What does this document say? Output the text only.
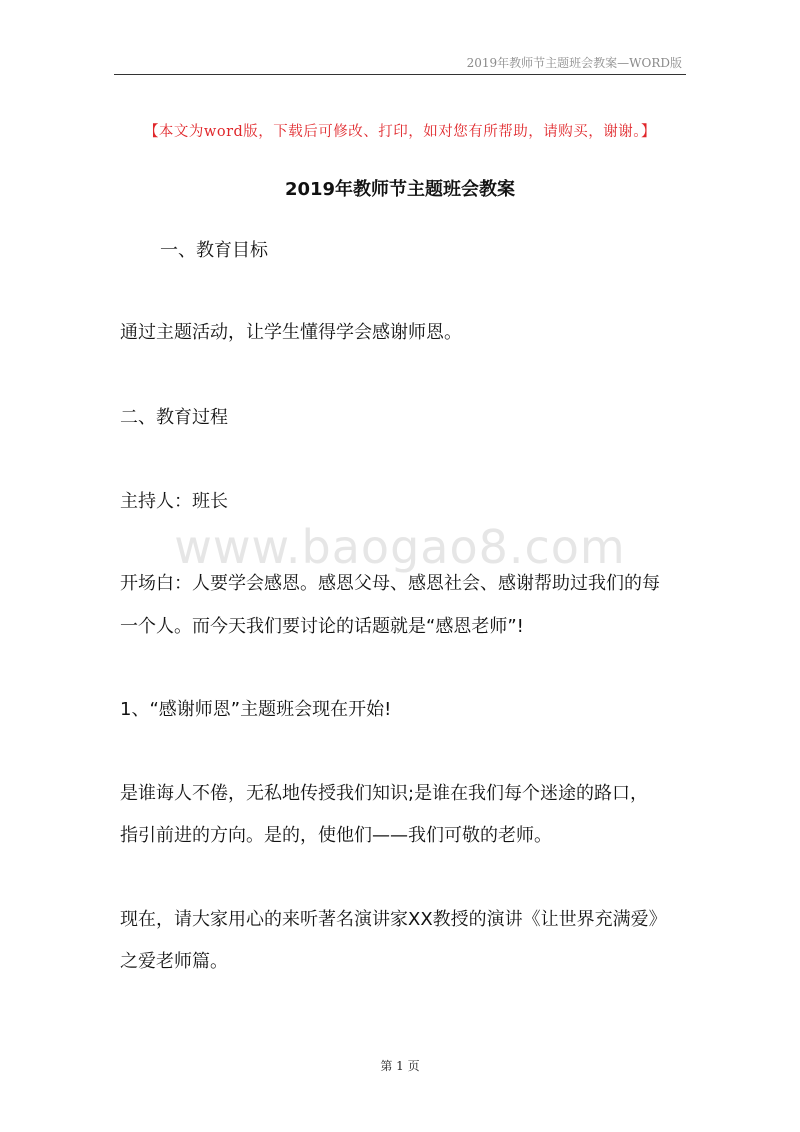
2019年教师节主题班会教案—WORD版
【本文为word版，下载后可修改、打印，如对您有所帮助，请购买，谢谢。】
2019年教师节主题班会教案
一、教育目标
通过主题活动，让学生懂得学会感谢师恩。
二、教育过程
主持人：班长
www.baogao8.com
开场白：人要学会感恩。感恩父母、感恩社会、感谢帮助过我们的每
一个人。而今天我们要讨论的话题就是“感恩老师”!
1、“感谢师恩”主题班会现在开始!
是谁诲人不倦，无私地传授我们知识;是谁在我们每个迷途的路口，
指引前进的方向。是的，使他们——我们可敬的老师。
现在，请大家用心的来听著名演讲家XX教授的演讲《让世界充满爱》
之爱老师篇。
第 1 页
